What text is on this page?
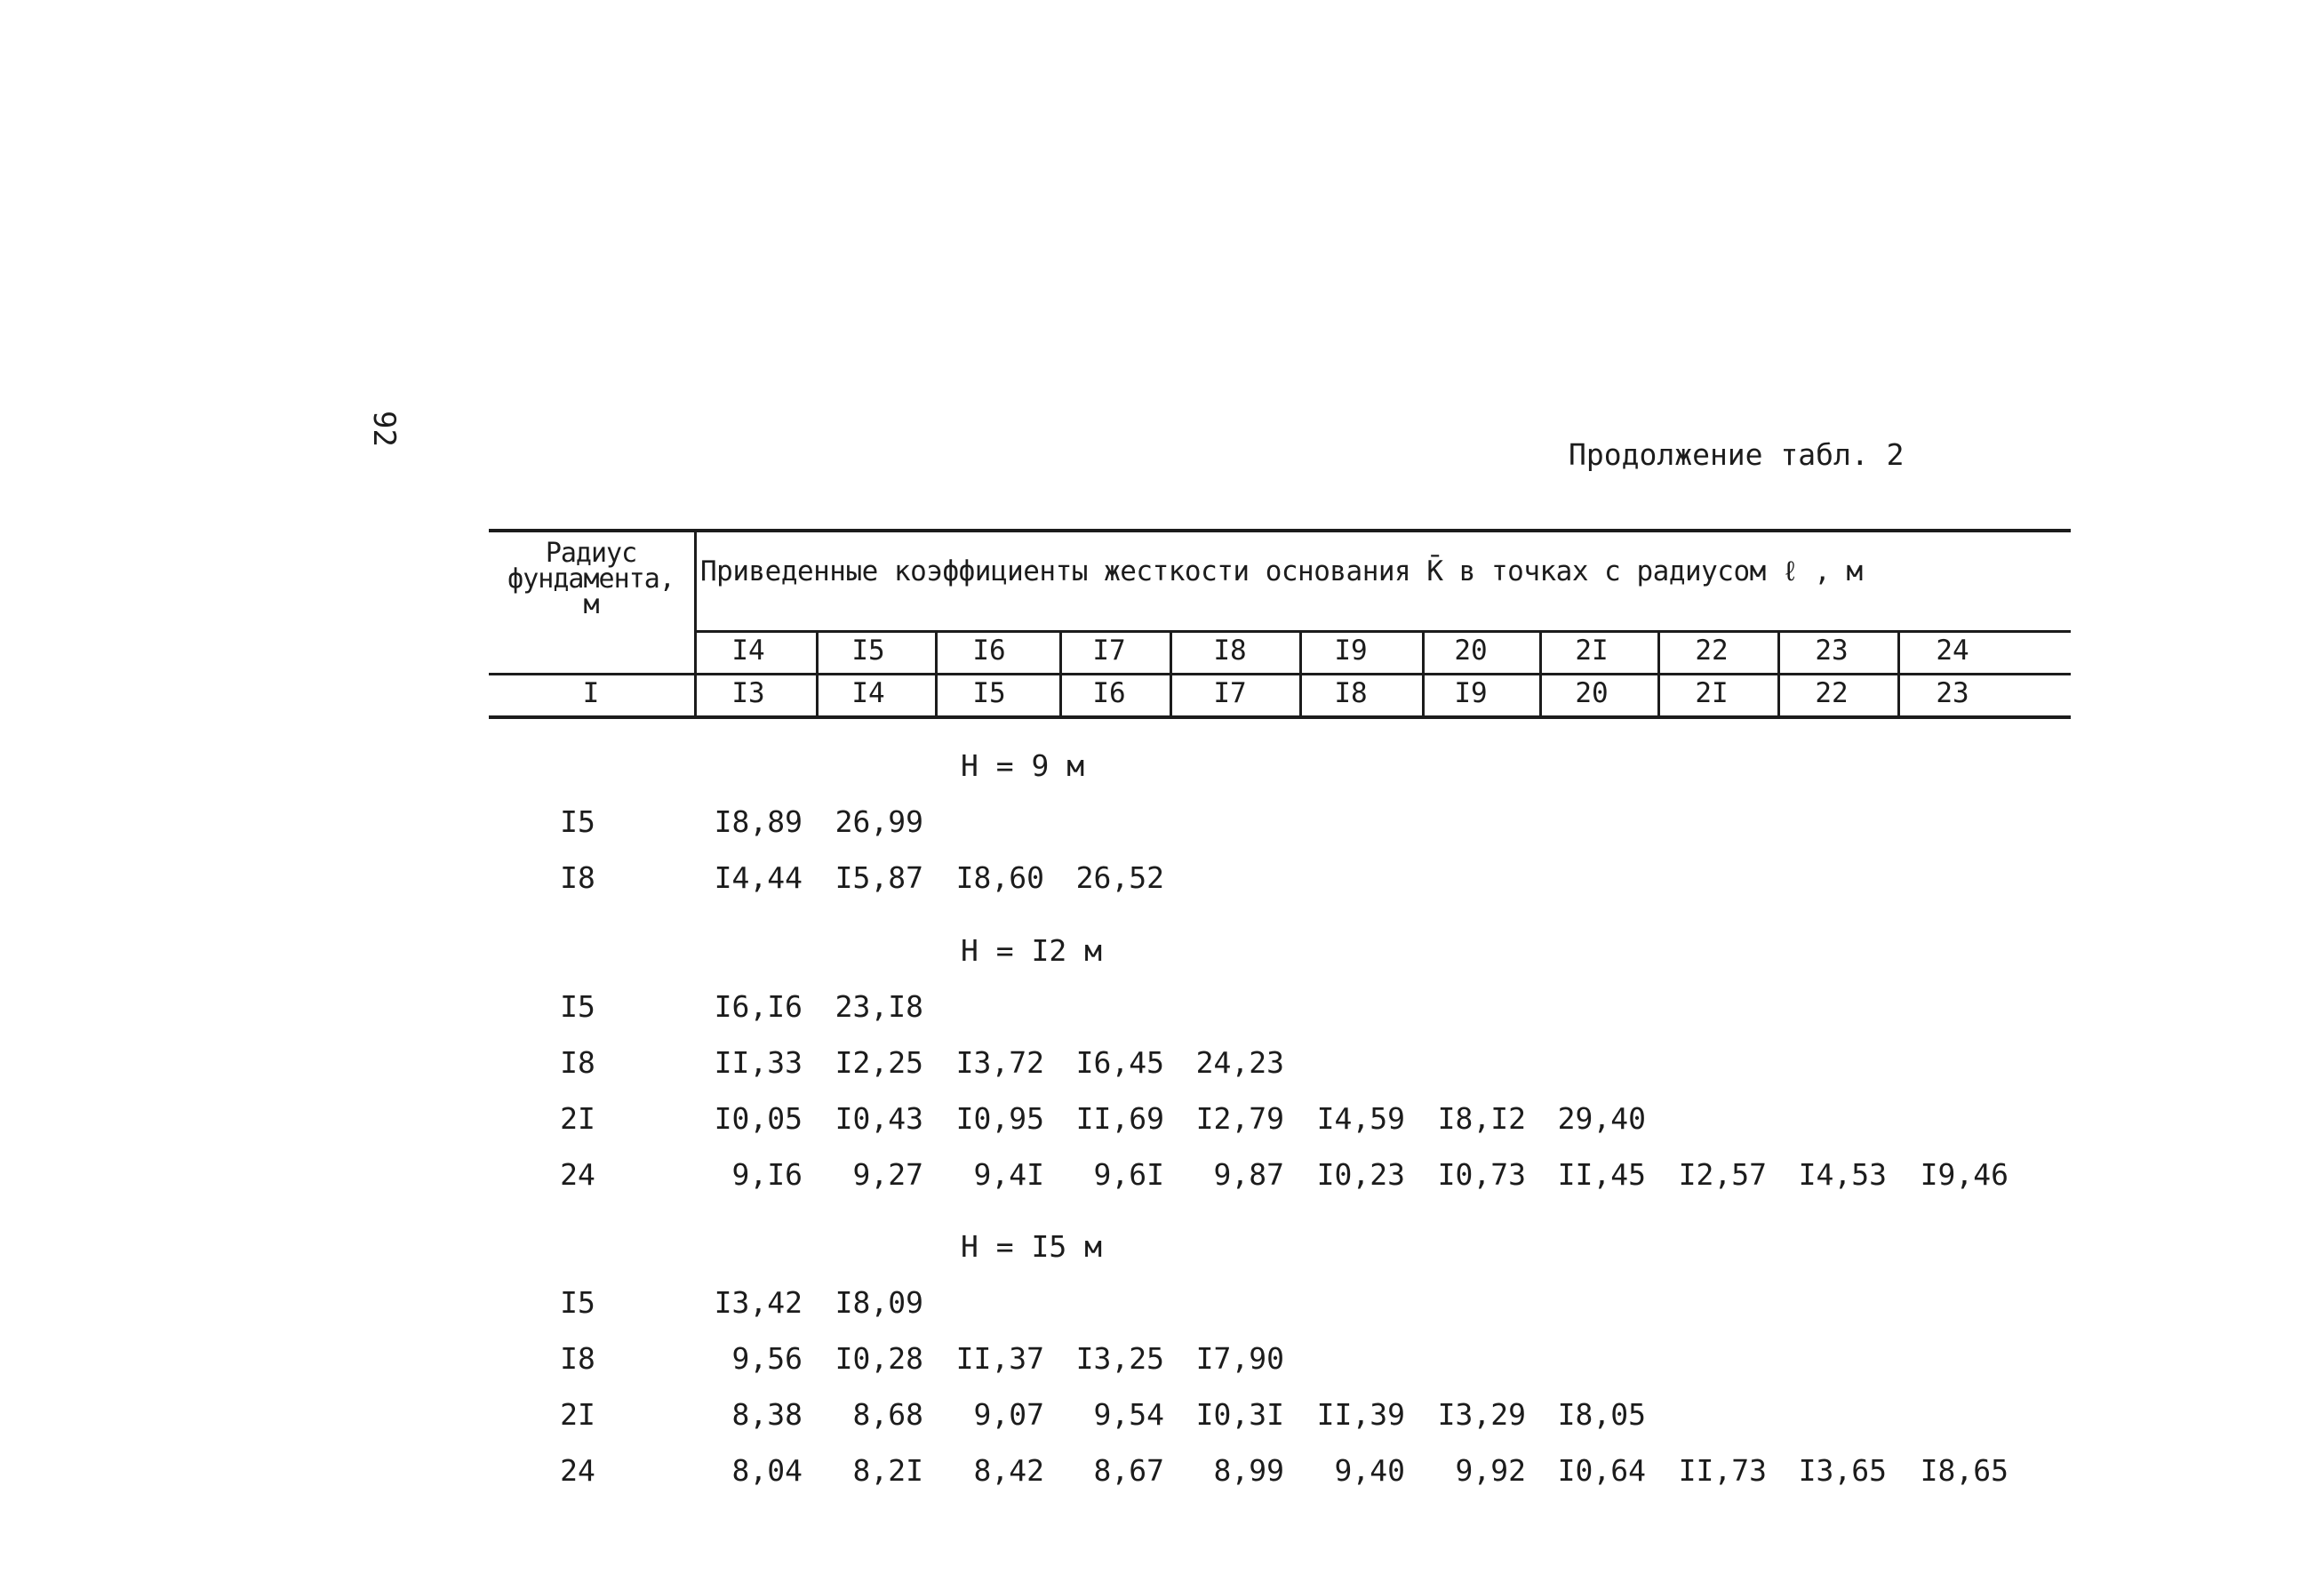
92
Продолжение табл. 2
Радиус
фундамента,
м
Приведенные коэффициенты жесткости основания K̄ в точках с радиусом ℓ , м
I4	I5	I6	I7	I8	I9	20	2I	22	23	24
I	I3	I4	I5	I6	I7	I8	I9	20	2I	22	23
H = 9 м
I5	I8,89	26,99
I8	I4,44	I5,87	I8,60	26,52
H = I2 м
I5	I6,I6	23,I8
I8	II,33	I2,25	I3,72	I6,45	24,23
2I	I0,05	I0,43	I0,95	II,69	I2,79	I4,59	I8,I2	29,40
24	9,I6	9,27	9,4I	9,6I	9,87	I0,23	I0,73	II,45	I2,57	I4,53	I9,46
H = I5 м
I5	I3,42	I8,09
I8	9,56	I0,28	II,37	I3,25	I7,90
2I	8,38	8,68	9,07	9,54	I0,3I	II,39	I3,29	I8,05
24	8,04	8,2I	8,42	8,67	8,99	9,40	9,92	I0,64	II,73	I3,65	I8,65
